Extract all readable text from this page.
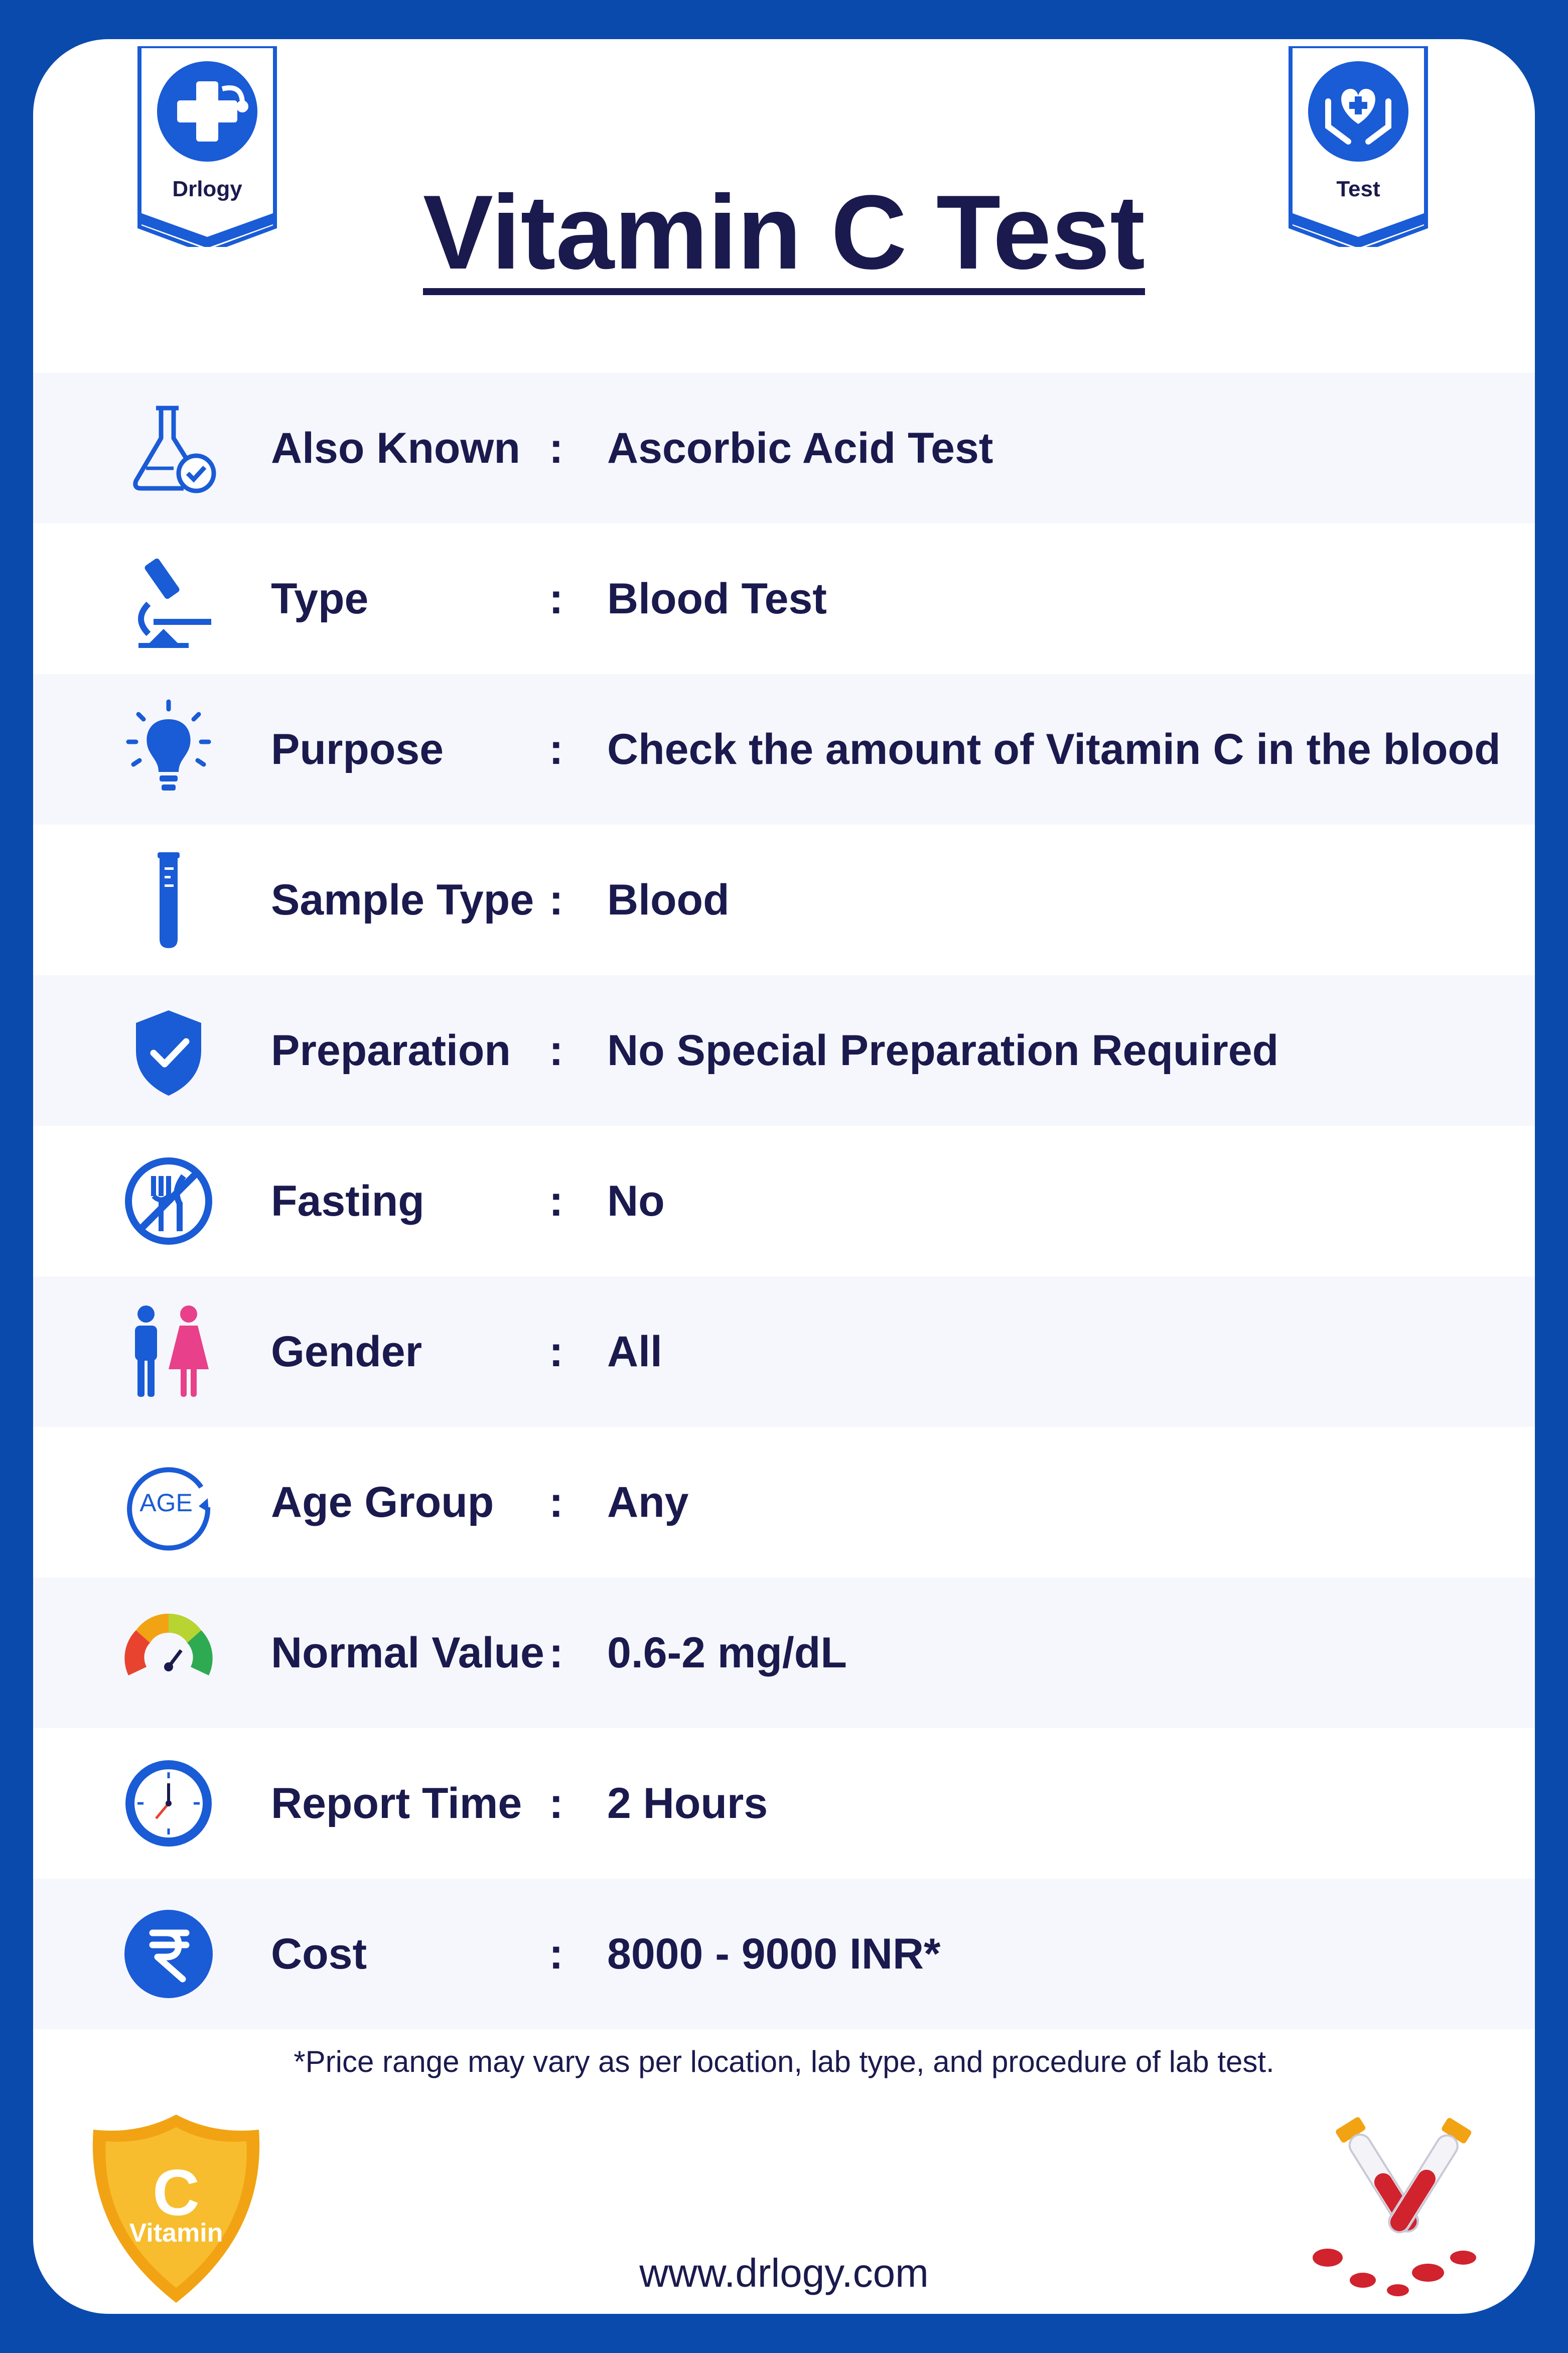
Drlogy	Test
Vitamin C Test
Also Known : Ascorbic Acid Test
Type	: Blood Test
Purpose : Check the amount of Vitamin C in the blood
Sample Type : Blood
Preparation : No Special Preparation Required
Fasting	: No
Gender	: All
AGE Age Group : Any
Normal Value : 0.6-2 mg/dL
Report Time : 2 Hours
Cost	: 8000 - 9000 INR*
*Price range may vary as per location, lab type, and procedure of lab test.
C
Vitamin
www.drlogy.com
